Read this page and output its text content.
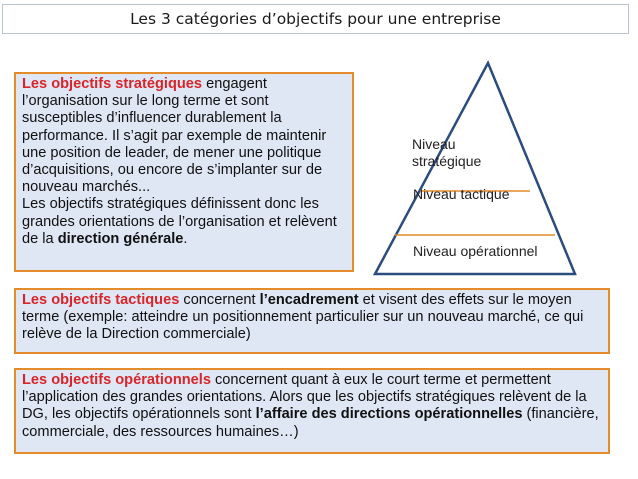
Les 3 catégories d’objectifs pour une entreprise
Les objectifs stratégiques engagent l’organisation sur le long terme et sont susceptibles d’influencer durablement la performance. Il s’agit par exemple de maintenir une position de leader, de mener une politique d’acquisitions, ou encore de s’implanter sur de nouveau marchés...
Les objectifs stratégiques définissent donc les grandes orientations de l’organisation et relèvent de la direction générale.
Niveau stratégique
Niveau tactique
Niveau opérationnel
Les objectifs tactiques concernent l’encadrement et visent des effets sur le moyen terme (exemple: atteindre un positionnement particulier sur un nouveau marché, ce qui relève de la Direction commerciale)
Les objectifs opérationnels concernent quant à eux le court terme et permettent l’application des grandes orientations. Alors que les objectifs stratégiques relèvent de la DG, les objectifs opérationnels sont l’affaire des directions opérationnelles (financière, commerciale, des ressources humaines…)
